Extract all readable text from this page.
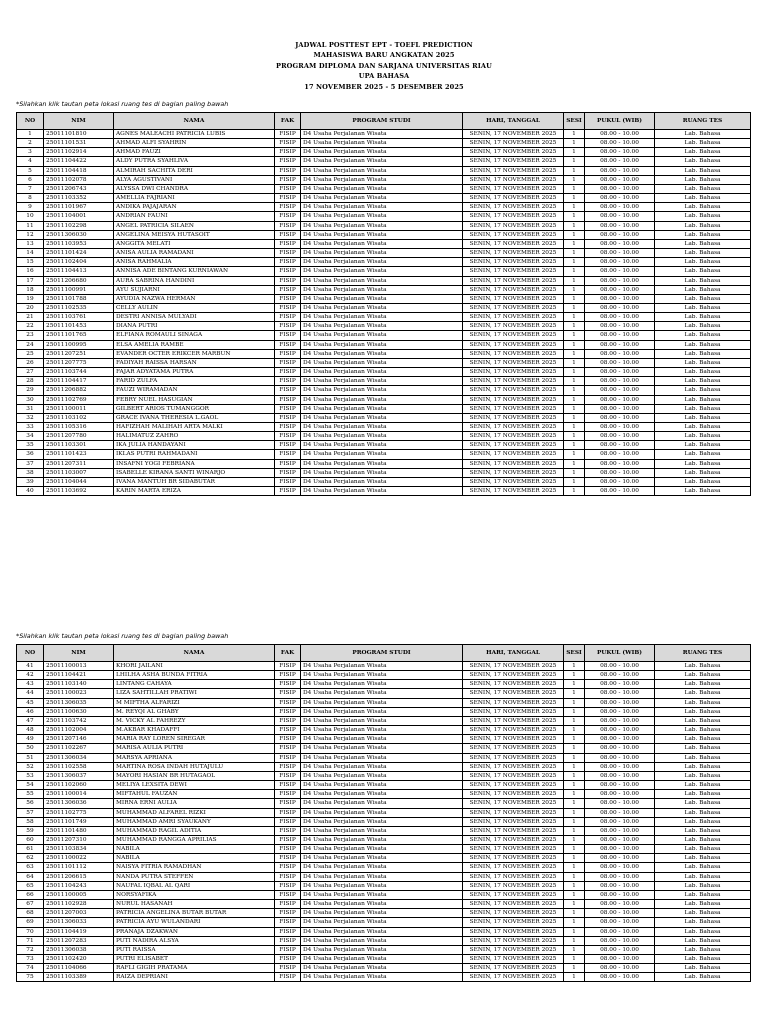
JADWAL POSTTEST EPT - TOEFL PREDICTION
MAHASISWA BARU ANGKATAN 2025
PROGRAM DIPLOMA DAN SARJANA UNIVERSITAS RIAU
UPA BAHASA
17 NOVEMBER 2025 - 5 DESEMBER 2025
*Silahkan klik tautan peta lokasi ruang tes di bagian paling bawah
NO	NIM	NAMA	FAK	PROGRAM STUDI	HARI, TANGGAL	SESI	PUKUL (WIB)	RUANG TES
1	25011101810	AGNES MALEACHI PATRICIA LUBIS	FISIP	D4 Usaha Perjalanan Wisata	SENIN, 17 NOVEMBER 2025	1	08.00 - 10.00	Lab. Bahasa
2	25011101531	AHMAD ALFI SYAHRIN	FISIP	D4 Usaha Perjalanan Wisata	SENIN, 17 NOVEMBER 2025	1	08.00 - 10.00	Lab. Bahasa
3	25011102914	AHMAD FAUZI	FISIP	D4 Usaha Perjalanan Wisata	SENIN, 17 NOVEMBER 2025	1	08.00 - 10.00	Lab. Bahasa
4	25011104422	ALDY PUTRA SYAHLIVA	FISIP	D4 Usaha Perjalanan Wisata	SENIN, 17 NOVEMBER 2025	1	08.00 - 10.00	Lab. Bahasa
5	25011104418	ALMIRAH SACHITA DERI	FISIP	D4 Usaha Perjalanan Wisata	SENIN, 17 NOVEMBER 2025	1	08.00 - 10.00	Lab. Bahasa
6	25011102078	ALYA AGUSTIVANI	FISIP	D4 Usaha Perjalanan Wisata	SENIN, 17 NOVEMBER 2025	1	08.00 - 10.00	Lab. Bahasa
7	25011206743	ALYSSA DWI CHANDRA	FISIP	D4 Usaha Perjalanan Wisata	SENIN, 17 NOVEMBER 2025	1	08.00 - 10.00	Lab. Bahasa
8	25011103352	AMELLIA FAJRIANI	FISIP	D4 Usaha Perjalanan Wisata	SENIN, 17 NOVEMBER 2025	1	08.00 - 10.00	Lab. Bahasa
9	25011101967	ANDIKA PAJAJARAN	FISIP	D4 Usaha Perjalanan Wisata	SENIN, 17 NOVEMBER 2025	1	08.00 - 10.00	Lab. Bahasa
10	25011104001	ANDRIAN FAUNI	FISIP	D4 Usaha Perjalanan Wisata	SENIN, 17 NOVEMBER 2025	1	08.00 - 10.00	Lab. Bahasa
11	25011102298	ANGEL PATRICIA SILAEN	FISIP	D4 Usaha Perjalanan Wisata	SENIN, 17 NOVEMBER 2025	1	08.00 - 10.00	Lab. Bahasa
12	25011306030	ANGELINA MEISYA HUTASOIT	FISIP	D4 Usaha Perjalanan Wisata	SENIN, 17 NOVEMBER 2025	1	08.00 - 10.00	Lab. Bahasa
13	25011103953	ANGGITA MELATI	FISIP	D4 Usaha Perjalanan Wisata	SENIN, 17 NOVEMBER 2025	1	08.00 - 10.00	Lab. Bahasa
14	25011101424	ANISA AULIA RAMADANI	FISIP	D4 Usaha Perjalanan Wisata	SENIN, 17 NOVEMBER 2025	1	08.00 - 10.00	Lab. Bahasa
15	25011102404	ANISA RAHMALIA	FISIP	D4 Usaha Perjalanan Wisata	SENIN, 17 NOVEMBER 2025	1	08.00 - 10.00	Lab. Bahasa
16	25011104413	ANNISA ADE BINTANG KURNIAWAN	FISIP	D4 Usaha Perjalanan Wisata	SENIN, 17 NOVEMBER 2025	1	08.00 - 10.00	Lab. Bahasa
17	25011206680	AURA SABRINA HANDINI	FISIP	D4 Usaha Perjalanan Wisata	SENIN, 17 NOVEMBER 2025	1	08.00 - 10.00	Lab. Bahasa
18	25011100991	AYU SUJIARNI	FISIP	D4 Usaha Perjalanan Wisata	SENIN, 17 NOVEMBER 2025	1	08.00 - 10.00	Lab. Bahasa
19	25011101788	AYUDIA NAZWA HERMAN	FISIP	D4 Usaha Perjalanan Wisata	SENIN, 17 NOVEMBER 2025	1	08.00 - 10.00	Lab. Bahasa
20	25011102535	CELLY AULIN	FISIP	D4 Usaha Perjalanan Wisata	SENIN, 17 NOVEMBER 2025	1	08.00 - 10.00	Lab. Bahasa
21	25011103761	DESTRI ANNISA MULYADI	FISIP	D4 Usaha Perjalanan Wisata	SENIN, 17 NOVEMBER 2025	1	08.00 - 10.00	Lab. Bahasa
22	25011101453	DIANA PUTRI	FISIP	D4 Usaha Perjalanan Wisata	SENIN, 17 NOVEMBER 2025	1	08.00 - 10.00	Lab. Bahasa
23	25011101765	ELFIANA ROMAULI SINAGA	FISIP	D4 Usaha Perjalanan Wisata	SENIN, 17 NOVEMBER 2025	1	08.00 - 10.00	Lab. Bahasa
24	25011100995	ELSA AMELIA RAMBE	FISIP	D4 Usaha Perjalanan Wisata	SENIN, 17 NOVEMBER 2025	1	08.00 - 10.00	Lab. Bahasa
25	25011207251	EVANDER OCTER ERIKCER MARBUN	FISIP	D4 Usaha Perjalanan Wisata	SENIN, 17 NOVEMBER 2025	1	08.00 - 10.00	Lab. Bahasa
26	25011207775	FADIYAH RAISSA HARSAN	FISIP	D4 Usaha Perjalanan Wisata	SENIN, 17 NOVEMBER 2025	1	08.00 - 10.00	Lab. Bahasa
27	25011103744	FAJAR ADYATAMA PUTRA	FISIP	D4 Usaha Perjalanan Wisata	SENIN, 17 NOVEMBER 2025	1	08.00 - 10.00	Lab. Bahasa
28	25011104417	FARID ZULFA	FISIP	D4 Usaha Perjalanan Wisata	SENIN, 17 NOVEMBER 2025	1	08.00 - 10.00	Lab. Bahasa
29	25011206882	FAUZI WIRAMADAN	FISIP	D4 Usaha Perjalanan Wisata	SENIN, 17 NOVEMBER 2025	1	08.00 - 10.00	Lab. Bahasa
30	25011102769	FEBRY NUEL HASUGIAN	FISIP	D4 Usaha Perjalanan Wisata	SENIN, 17 NOVEMBER 2025	1	08.00 - 10.00	Lab. Bahasa
31	25011100011	GILBERT ARIOS TUMANGGOR	FISIP	D4 Usaha Perjalanan Wisata	SENIN, 17 NOVEMBER 2025	1	08.00 - 10.00	Lab. Bahasa
32	25011103102	GRACE IVANA THERESIA L.GAOL	FISIP	D4 Usaha Perjalanan Wisata	SENIN, 17 NOVEMBER 2025	1	08.00 - 10.00	Lab. Bahasa
33	25011105316	HAFIZHAH MALIHAH ARTA MALKI	FISIP	D4 Usaha Perjalanan Wisata	SENIN, 17 NOVEMBER 2025	1	08.00 - 10.00	Lab. Bahasa
34	25011207780	HALIMATUZ ZAHRO	FISIP	D4 Usaha Perjalanan Wisata	SENIN, 17 NOVEMBER 2025	1	08.00 - 10.00	Lab. Bahasa
35	25011103301	IKA JULIA HANDAYANI	FISIP	D4 Usaha Perjalanan Wisata	SENIN, 17 NOVEMBER 2025	1	08.00 - 10.00	Lab. Bahasa
36	25011101423	IKLAS PUTRI RAHMADANI	FISIP	D4 Usaha Perjalanan Wisata	SENIN, 17 NOVEMBER 2025	1	08.00 - 10.00	Lab. Bahasa
37	25011207311	INSAFNI YOGI FEBRIANA	FISIP	D4 Usaha Perjalanan Wisata	SENIN, 17 NOVEMBER 2025	1	08.00 - 10.00	Lab. Bahasa
38	25011103007	ISABELLE KIRANA SANTI WINARJO	FISIP	D4 Usaha Perjalanan Wisata	SENIN, 17 NOVEMBER 2025	1	08.00 - 10.00	Lab. Bahasa
39	25011104044	IVANA MANTUH BR SIDABUTAR	FISIP	D4 Usaha Perjalanan Wisata	SENIN, 17 NOVEMBER 2025	1	08.00 - 10.00	Lab. Bahasa
40	25011103692	KARIN MARTA ERIZA	FISIP	D4 Usaha Perjalanan Wisata	SENIN, 17 NOVEMBER 2025	1	08.00 - 10.00	Lab. Bahasa
*Silahkan klik tautan peta lokasi ruang tes di bagian paling bawah
NO	NIM	NAMA	FAK	PROGRAM STUDI	HARI, TANGGAL	SESI	PUKUL (WIB)	RUANG TES
41	25011100013	KHORI JAILANI	FISIP	D4 Usaha Perjalanan Wisata	SENIN, 17 NOVEMBER 2025	1	08.00 - 10.00	Lab. Bahasa
42	25011104421	LHILHA ASHA BUNDA FITRIA	FISIP	D4 Usaha Perjalanan Wisata	SENIN, 17 NOVEMBER 2025	1	08.00 - 10.00	Lab. Bahasa
43	25011103140	LINTANG CAHAYA	FISIP	D4 Usaha Perjalanan Wisata	SENIN, 17 NOVEMBER 2025	1	08.00 - 10.00	Lab. Bahasa
44	25011100023	LIZA SAHTILLAH PRATIWI	FISIP	D4 Usaha Perjalanan Wisata	SENIN, 17 NOVEMBER 2025	1	08.00 - 10.00	Lab. Bahasa
45	25011306035	M MIFTHA ALFARIZI	FISIP	D4 Usaha Perjalanan Wisata	SENIN, 17 NOVEMBER 2025	1	08.00 - 10.00	Lab. Bahasa
46	25011100630	M. REYQI AL GHABY	FISIP	D4 Usaha Perjalanan Wisata	SENIN, 17 NOVEMBER 2025	1	08.00 - 10.00	Lab. Bahasa
47	25011103742	M. VICKY AL FAHREZY	FISIP	D4 Usaha Perjalanan Wisata	SENIN, 17 NOVEMBER 2025	1	08.00 - 10.00	Lab. Bahasa
48	25011102004	M.AKBAR KHADAFFI	FISIP	D4 Usaha Perjalanan Wisata	SENIN, 17 NOVEMBER 2025	1	08.00 - 10.00	Lab. Bahasa
49	25011207146	MARIA RAY LOREN SIREGAR	FISIP	D4 Usaha Perjalanan Wisata	SENIN, 17 NOVEMBER 2025	1	08.00 - 10.00	Lab. Bahasa
50	25011102267	MARISA AULIA PUTRI	FISIP	D4 Usaha Perjalanan Wisata	SENIN, 17 NOVEMBER 2025	1	08.00 - 10.00	Lab. Bahasa
51	25011306034	MARSYA APRIANA	FISIP	D4 Usaha Perjalanan Wisata	SENIN, 17 NOVEMBER 2025	1	08.00 - 10.00	Lab. Bahasa
52	25011102558	MARTINA ROSA INDAH HUTAJULU	FISIP	D4 Usaha Perjalanan Wisata	SENIN, 17 NOVEMBER 2025	1	08.00 - 10.00	Lab. Bahasa
53	25011306037	MAYORI HASIAN BR HUTAGAOL	FISIP	D4 Usaha Perjalanan Wisata	SENIN, 17 NOVEMBER 2025	1	08.00 - 10.00	Lab. Bahasa
54	25011102060	MELIYA LEXSITA DEWI	FISIP	D4 Usaha Perjalanan Wisata	SENIN, 17 NOVEMBER 2025	1	08.00 - 10.00	Lab. Bahasa
55	25011100014	MIFTAHUL FAUZAN	FISIP	D4 Usaha Perjalanan Wisata	SENIN, 17 NOVEMBER 2025	1	08.00 - 10.00	Lab. Bahasa
56	25011306036	MIRNA ERNI AULIA	FISIP	D4 Usaha Perjalanan Wisata	SENIN, 17 NOVEMBER 2025	1	08.00 - 10.00	Lab. Bahasa
57	25011102775	MUHAMMAD ALFAREL RIZKI	FISIP	D4 Usaha Perjalanan Wisata	SENIN, 17 NOVEMBER 2025	1	08.00 - 10.00	Lab. Bahasa
58	25011101749	MUHAMMAD AMRI SYAUKANY	FISIP	D4 Usaha Perjalanan Wisata	SENIN, 17 NOVEMBER 2025	1	08.00 - 10.00	Lab. Bahasa
59	25011101480	MUHAMMAD RAGIL ADITIA	FISIP	D4 Usaha Perjalanan Wisata	SENIN, 17 NOVEMBER 2025	1	08.00 - 10.00	Lab. Bahasa
60	25011207310	MUHAMMAD RANGGA APRILIAS	FISIP	D4 Usaha Perjalanan Wisata	SENIN, 17 NOVEMBER 2025	1	08.00 - 10.00	Lab. Bahasa
61	25011103834	NABILA	FISIP	D4 Usaha Perjalanan Wisata	SENIN, 17 NOVEMBER 2025	1	08.00 - 10.00	Lab. Bahasa
62	25011100022	NABILA	FISIP	D4 Usaha Perjalanan Wisata	SENIN, 17 NOVEMBER 2025	1	08.00 - 10.00	Lab. Bahasa
63	25011101112	NAISYA FITRIA RAMADHAN	FISIP	D4 Usaha Perjalanan Wisata	SENIN, 17 NOVEMBER 2025	1	08.00 - 10.00	Lab. Bahasa
64	25011206615	NANDA PUTRA STEFFEN	FISIP	D4 Usaha Perjalanan Wisata	SENIN, 17 NOVEMBER 2025	1	08.00 - 10.00	Lab. Bahasa
65	25011104243	NAUFAL IQBAL AL QARI	FISIP	D4 Usaha Perjalanan Wisata	SENIN, 17 NOVEMBER 2025	1	08.00 - 10.00	Lab. Bahasa
66	25011100005	NORSYAFIKA	FISIP	D4 Usaha Perjalanan Wisata	SENIN, 17 NOVEMBER 2025	1	08.00 - 10.00	Lab. Bahasa
67	25011102928	NURUL HASANAH	FISIP	D4 Usaha Perjalanan Wisata	SENIN, 17 NOVEMBER 2025	1	08.00 - 10.00	Lab. Bahasa
68	25011207003	PATRICIA ANGELINA BUTAR BUTAR	FISIP	D4 Usaha Perjalanan Wisata	SENIN, 17 NOVEMBER 2025	1	08.00 - 10.00	Lab. Bahasa
69	25011306033	PATRICIA AYU WULANDARI	FISIP	D4 Usaha Perjalanan Wisata	SENIN, 17 NOVEMBER 2025	1	08.00 - 10.00	Lab. Bahasa
70	25011104419	PRANAJA DZAKWAN	FISIP	D4 Usaha Perjalanan Wisata	SENIN, 17 NOVEMBER 2025	1	08.00 - 10.00	Lab. Bahasa
71	25011207283	PUTI NADIRA ALSYA	FISIP	D4 Usaha Perjalanan Wisata	SENIN, 17 NOVEMBER 2025	1	08.00 - 10.00	Lab. Bahasa
72	25011306038	PUTI RAISSA	FISIP	D4 Usaha Perjalanan Wisata	SENIN, 17 NOVEMBER 2025	1	08.00 - 10.00	Lab. Bahasa
73	25011102420	PUTRI ELISABET	FISIP	D4 Usaha Perjalanan Wisata	SENIN, 17 NOVEMBER 2025	1	08.00 - 10.00	Lab. Bahasa
74	25011104066	RAFLI GIGIH PRATAMA	FISIP	D4 Usaha Perjalanan Wisata	SENIN, 17 NOVEMBER 2025	1	08.00 - 10.00	Lab. Bahasa
75	25011103389	RAIZA DEPRIANI	FISIP	D4 Usaha Perjalanan Wisata	SENIN, 17 NOVEMBER 2025	1	08.00 - 10.00	Lab. Bahasa
